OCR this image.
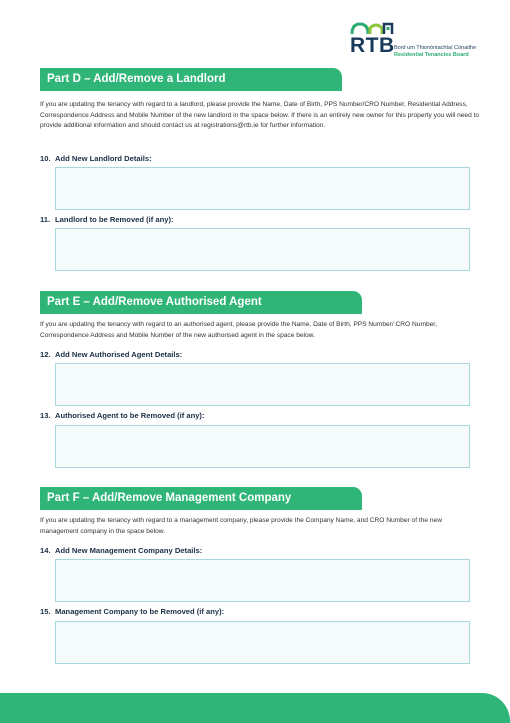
RTB Bord um Thionóntachtaí Cónaithe
Residential Tenancies Board
Part D – Add/Remove a Landlord
If you are updating the tenancy with regard to a landlord, please provide the Name, Date of Birth, PPS Number/CRO Number, Residential Address, Correspondence Address and Mobile Number of the new landlord in the space below. If there is an entirely new owner for this property you will need to provide additional information and should contact us at registrations@rtb.ie for further information.
10. Add New Landlord Details:
11. Landlord to be Removed (if any):
Part E – Add/Remove Authorised Agent
If you are updating the tenancy with regard to an authorised agent, please provide the Name, Date of Birth, PPS Number/ CRO Number, Correspondence Address and Mobile Number of the new authorised agent in the space below.
12. Add New Authorised Agent Details:
13. Authorised Agent to be Removed (if any):
Part F – Add/Remove Management Company
If you are updating the tenancy with regard to a management company, please provide the Company Name, and CRO Number of the new management company in the space below.
14. Add New Management Company Details:
15. Management Company to be Removed (if any):
